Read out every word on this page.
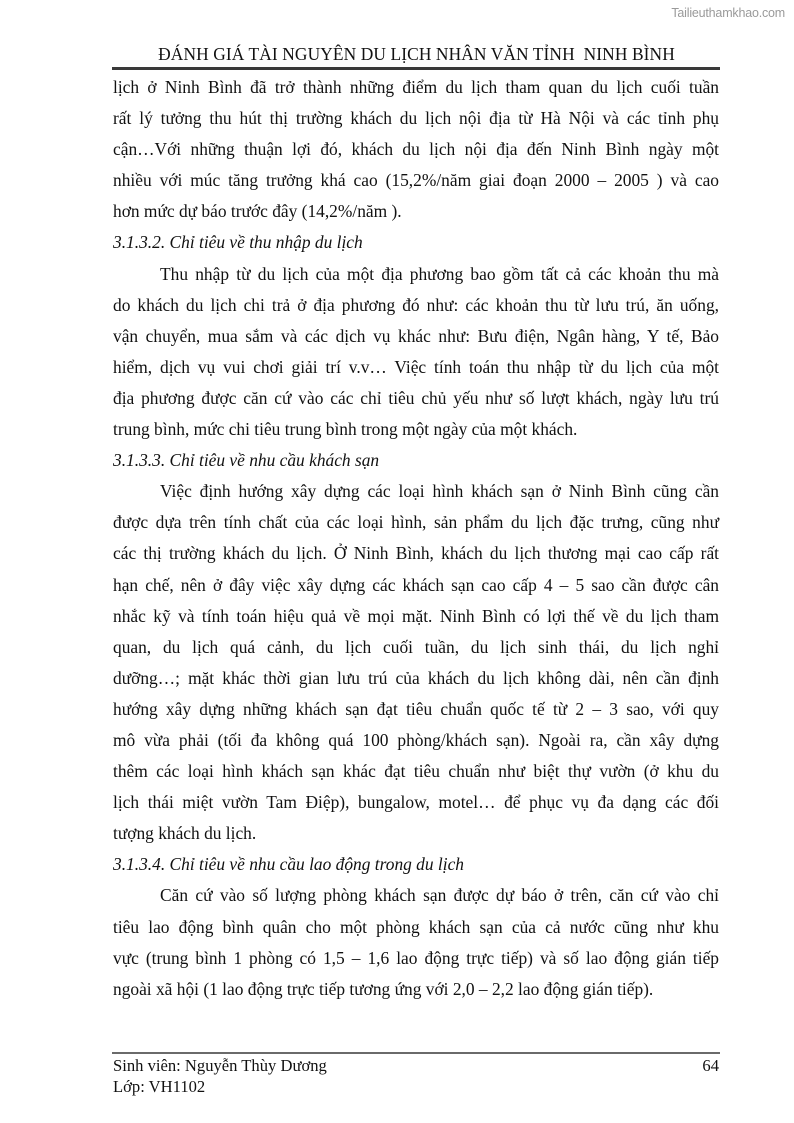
Tailieuthamkhao.com
ĐÁNH GIÁ TÀI NGUYÊN DU LỊCH NHÂN VĂN TỈNH  NINH BÌNH
lịch ở Ninh Bình đã trở thành những điểm du lịch tham quan du lịch cuối tuần
rất lý tưởng thu hút thị trường khách du lịch nội địa từ Hà Nội và các tỉnh phụ
cận…Với những thuận lợi đó, khách du lịch nội địa đến Ninh Bình ngày một
nhiều với múc tăng trưởng khá cao (15,2%/năm giai đoạn 2000 – 2005 ) và cao
hơn mức dự báo trước đây (14,2%/năm ).
3.1.3.2. Chỉ tiêu về thu nhập du lịch
Thu nhập từ du lịch của một địa phương bao gồm tất cả các khoản thu mà
do khách du lịch chi trả ở địa phương đó như: các khoản thu từ lưu trú, ăn uống,
vận chuyển, mua sắm và các dịch vụ khác như: Bưu điện, Ngân hàng, Y tế, Bảo
hiểm, dịch vụ vui chơi giải trí v.v… Việc tính toán thu nhập từ du lịch của một
địa phương được căn cứ vào các chỉ tiêu chủ yếu như số lượt khách, ngày lưu trú
trung bình, mức chi tiêu trung bình trong một ngày của một khách.
3.1.3.3. Chỉ tiêu về nhu cầu khách sạn
Việc định hướng xây dựng các loại hình khách sạn ở Ninh Bình cũng cần
được dựa trên tính chất của các loại hình, sản phẩm du lịch đặc trưng, cũng như
các thị trường khách du lịch. Ở Ninh Bình, khách du lịch thương mại cao cấp rất
hạn chế, nên ở đây việc xây dựng các khách sạn cao cấp 4 – 5 sao cần được cân
nhắc kỹ và tính toán hiệu quả về mọi mặt. Ninh Bình có lợi thế về du lịch tham
quan, du lịch quá cảnh, du lịch cuối tuần, du lịch sinh thái, du lịch nghỉ
dưỡng…; mặt khác thời gian lưu trú của khách du lịch không dài, nên cần định
hướng xây dựng những khách sạn đạt tiêu chuẩn quốc tế từ 2 – 3 sao, với quy
mô vừa phải (tối đa không quá 100 phòng/khách sạn). Ngoài ra, cần xây dựng
thêm các loại hình khách sạn khác đạt tiêu chuẩn như biệt thự vườn (ở khu du
lịch thái miệt vườn Tam Điệp), bungalow, motel… để phục vụ đa dạng các đối
tượng khách du lịch.
3.1.3.4. Chỉ tiêu về nhu cầu lao động trong du lịch
Căn cứ vào số lượng phòng khách sạn được dự báo ở trên, căn cứ vào chỉ
tiêu lao động bình quân cho một phòng khách sạn của cả nước cũng như khu
vực (trung bình 1 phòng có 1,5 – 1,6 lao động trực tiếp) và số lao động gián tiếp
ngoài xã hội (1 lao động trực tiếp tương ứng với 2,0 – 2,2 lao động gián tiếp).
Sinh viên: Nguyễn Thùy Dương	64
Lớp: VH1102
